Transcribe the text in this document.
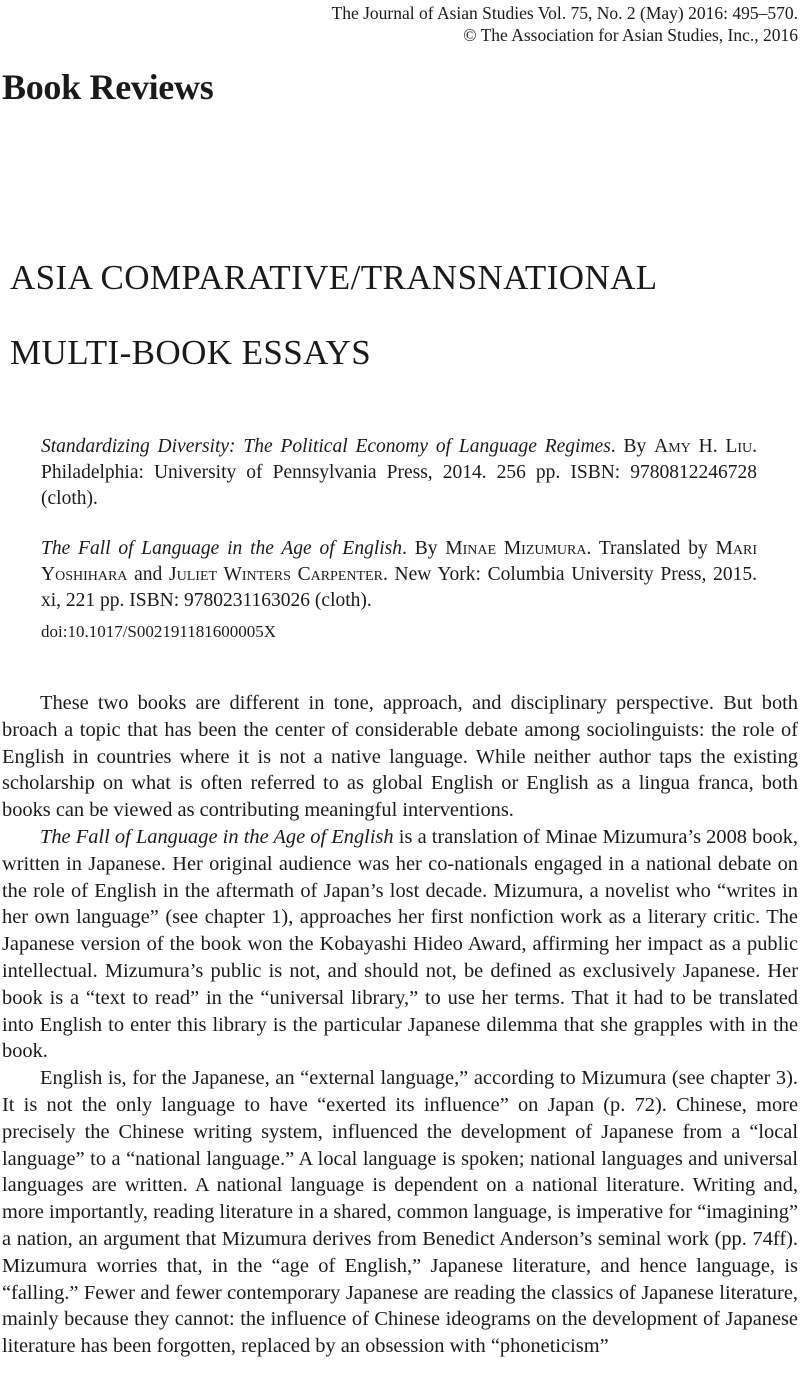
The Journal of Asian Studies Vol. 75, No. 2 (May) 2016: 495–570.
© The Association for Asian Studies, Inc., 2016
Book Reviews
ASIA COMPARATIVE/TRANSNATIONAL
MULTI-BOOK ESSAYS
Standardizing Diversity: The Political Economy of Language Regimes. By Amy H. Liu. Philadelphia: University of Pennsylvania Press, 2014. 256 pp. ISBN: 9780812246728 (cloth).
The Fall of Language in the Age of English. By Minae Mizumura. Translated by Mari Yoshihara and Juliet Winters Carpenter. New York: Columbia University Press, 2015. xi, 221 pp. ISBN: 9780231163026 (cloth).
doi:10.1017/S002191181600005X

These two books are different in tone, approach, and disciplinary perspective. But both broach a topic that has been the center of considerable debate among sociolinguists: the role of English in countries where it is not a native language. While neither author taps the existing scholarship on what is often referred to as global English or English as a lingua franca, both books can be viewed as contributing meaningful interventions.

The Fall of Language in the Age of English is a translation of Minae Mizumura’s 2008 book, written in Japanese. Her original audience was her co-nationals engaged in a national debate on the role of English in the aftermath of Japan’s lost decade. Mizumura, a novelist who “writes in her own language” (see chapter 1), approaches her first nonfiction work as a literary critic. The Japanese version of the book won the Kobayashi Hideo Award, affirming her impact as a public intellectual. Mizumura’s public is not, and should not, be defined as exclusively Japanese. Her book is a “text to read” in the “universal library,” to use her terms. That it had to be translated into English to enter this library is the particular Japanese dilemma that she grapples with in the book.

English is, for the Japanese, an “external language,” according to Mizumura (see chapter 3). It is not the only language to have “exerted its influence” on Japan (p. 72). Chinese, more precisely the Chinese writing system, influenced the development of Japanese from a “local language” to a “national language.” A local language is spoken; national languages and universal languages are written. A national language is dependent on a national literature. Writing and, more importantly, reading literature in a shared, common language, is imperative for “imagining” a nation, an argument that Mizumura derives from Benedict Anderson’s seminal work (pp. 74ff). Mizumura worries that, in the “age of English,” Japanese literature, and hence language, is “falling.” Fewer and fewer contemporary Japanese are reading the classics of Japanese literature, mainly because they cannot: the influence of Chinese ideograms on the development of Japanese literature has been forgotten, replaced by an obsession with “phoneticism”
